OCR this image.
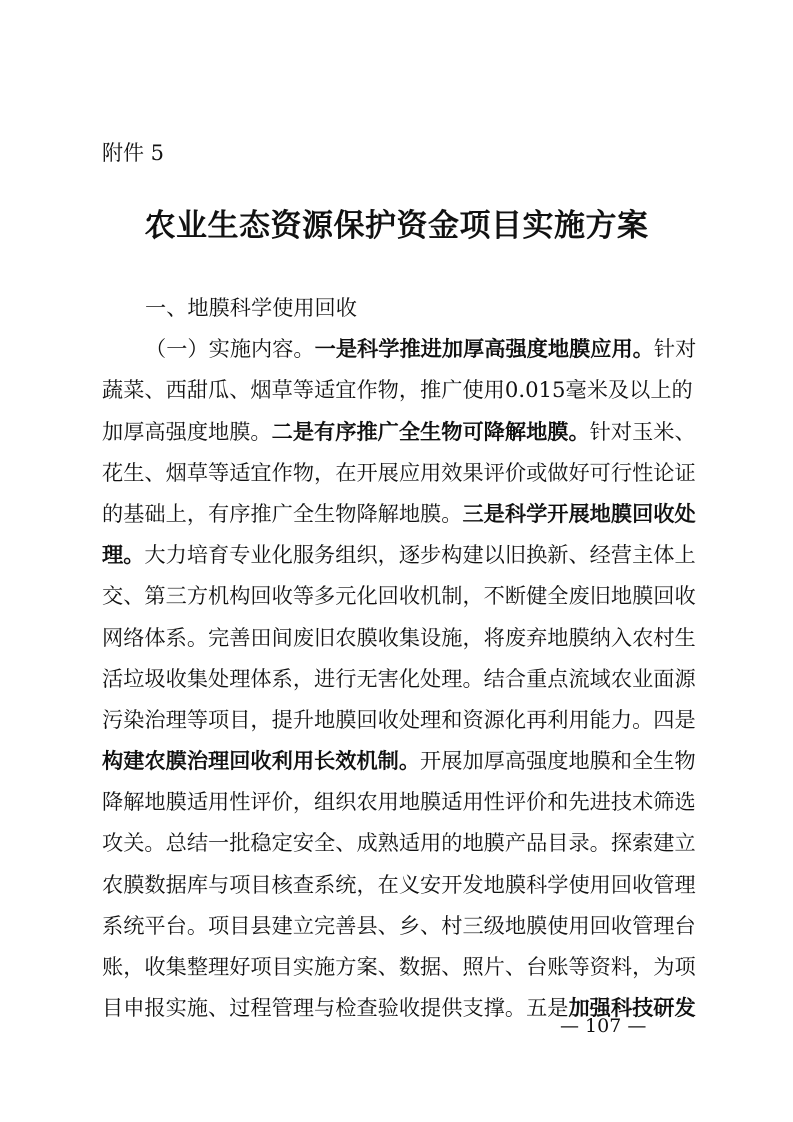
附件 5
农业生态资源保护资金项目实施方案
一、地膜科学使用回收
（ 一 ） 实 施 内 容 。 一 是 科 学 推 进 加 厚 高 强 度 地 膜 应 用 。 针 对
蔬 菜 、 西 甜 瓜 、 烟 草 等 适 宜 作 物 ， 推 广 使 用 0.015 毫 米 及 以 上 的
加 厚 高 强 度 地 膜 。 二 是 有 序 推 广 全 生 物 可 降 解 地 膜 。 针 对 玉 米 、
花 生 、 烟 草 等 适 宜 作 物 ， 在 开 展 应 用 效 果 评 价 或 做 好 可 行 性 论 证
的 基 础 上 ， 有 序 推 广 全 生 物 降 解 地 膜 。 三 是 科 学 开 展 地 膜 回 收 处
理 。 大 力 培 育 专 业 化 服 务 组 织 ， 逐 步 构 建 以 旧 换 新 、 经 营 主 体 上
交 、 第 三 方 机 构 回 收 等 多 元 化 回 收 机 制 ， 不 断 健 全 废 旧 地 膜 回 收
网 络 体 系 。 完 善 田 间 废 旧 农 膜 收 集 设 施 ， 将 废 弃 地 膜 纳 入 农 村 生
活 垃 圾 收 集 处 理 体 系 ， 进 行 无 害 化 处 理 。 结 合 重 点 流 域 农 业 面 源
污 染 治 理 等 项 目 ， 提 升 地 膜 回 收 处 理 和 资 源 化 再 利 用 能 力 。 四 是
构 建 农 膜 治 理 回 收 利 用 长 效 机 制 。 开 展 加 厚 高 强 度 地 膜 和 全 生 物
降 解 地 膜 适 用 性 评 价 ， 组 织 农 用 地 膜 适 用 性 评 价 和 先 进 技 术 筛 选
攻 关 。 总 结 一 批 稳 定 安 全 、 成 熟 适 用 的 地 膜 产 品 目 录 。 探 索 建 立
农 膜 数 据 库 与 项 目 核 查 系 统 ， 在 义 安 开 发 地 膜 科 学 使 用 回 收 管 理
系 统 平 台 。 项 目 县 建 立 完 善 县 、 乡 、 村 三 级 地 膜 使 用 回 收 管 理 台
账 ， 收 集 整 理 好 项 目 实 施 方 案 、 数 据 、 照 片 、 台 账 等 资 料 ， 为 项
目 申 报 实 施 、 过 程 管 理 与 检 查 验 收 提 供 支 撑 。 五 是 加 强 科 技 研 发
— 107 —
